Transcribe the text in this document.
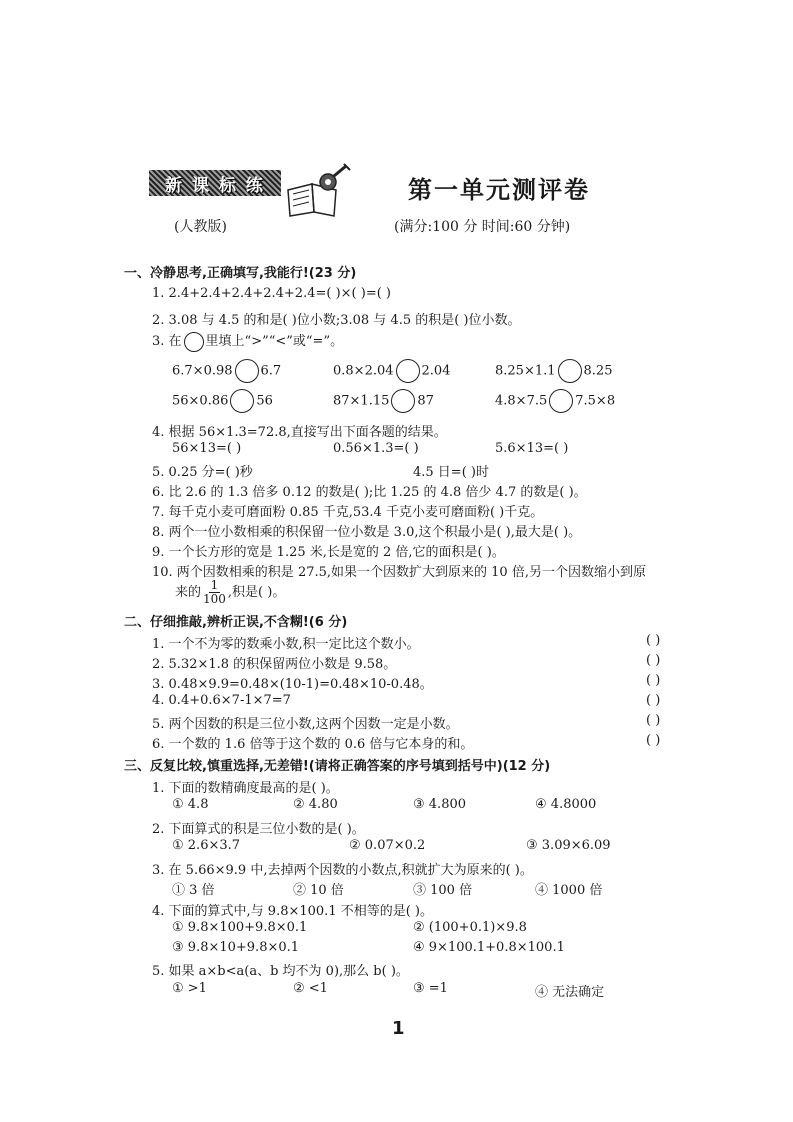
新 课 标 练	第一单元测评卷
(人教版)	(满分:100 分 时间:60 分钟)
一、冷静思考,正确填写,我能行!(23 分)
1. 2.4+2.4+2.4+2.4+2.4=( )×( )=( )
2. 3.08 与 4.5 的和是( )位小数;3.08 与 4.5 的积是( )位小数。
3. 在 里填上“>”“<”或“=”。
6.7×0.98 6.7	0.8×2.04 2.04	8.25×1.1 8.25
56×0.86 56	87×1.15 87	4.8×7.5 7.5×8
4. 根据 56×1.3=72.8,直接写出下面各题的结果。
56×13=( )	0.56×1.3=( )	5.6×13=( )
5. 0.25 分=( )秒	4.5 日=( )时
6. 比 2.6 的 1.3 倍多 0.12 的数是( );比 1.25 的 4.8 倍少 4.7 的数是( )。
7. 每千克小麦可磨面粉 0.85 千克,53.4 千克小麦可磨面粉( )千克。
8. 两个一位小数相乘的积保留一位小数是 3.0,这个积最小是( ),最大是( )。
9. 一个长方形的宽是 1.25 米,长是宽的 2 倍,它的面积是( )。
10. 两个因数相乘的积是 27.5,如果一个因数扩大到原来的 10 倍,另一个因数缩小到原
来的 $\frac{1}{100}$ ,积是( )。
二、仔细推敲,辨析正误,不含糊!(6 分)
1. 一个不为零的数乘小数,积一定比这个数小。	( )
2. 5.32×1.8 的积保留两位小数是 9.58。	( )
3. 0.48×9.9=0.48×(10-1)=0.48×10-0.48。	( )
4. 0.4+0.6×7-1×7=7	( )
5. 两个因数的积是三位小数,这两个因数一定是小数。	( )
6. 一个数的 1.6 倍等于这个数的 0.6 倍与它本身的和。	( )
三、反复比较,慎重选择,无差错!(请将正确答案的序号填到括号中)(12 分)
1. 下面的数精确度最高的是( )。
① 4.8	② 4.80	③ 4.800	④ 4.8000
2. 下面算式的积是三位小数的是( )。
① 2.6×3.7	② 0.07×0.2	③ 3.09×6.09
3. 在 5.66×9.9 中,去掉两个因数的小数点,积就扩大为原来的( )。
① 3 倍	② 10 倍	③ 100 倍	④ 1000 倍
4. 下面的算式中,与 9.8×100.1 不相等的是( )。
① 9.8×100+9.8×0.1	② (100+0.1)×9.8
③ 9.8×10+9.8×0.1	④ 9×100.1+0.8×100.1
5. 如果 a×b<a(a、b 均不为 0),那么 b( )。
① >1	② <1	③ =1	④ 无法确定
1
